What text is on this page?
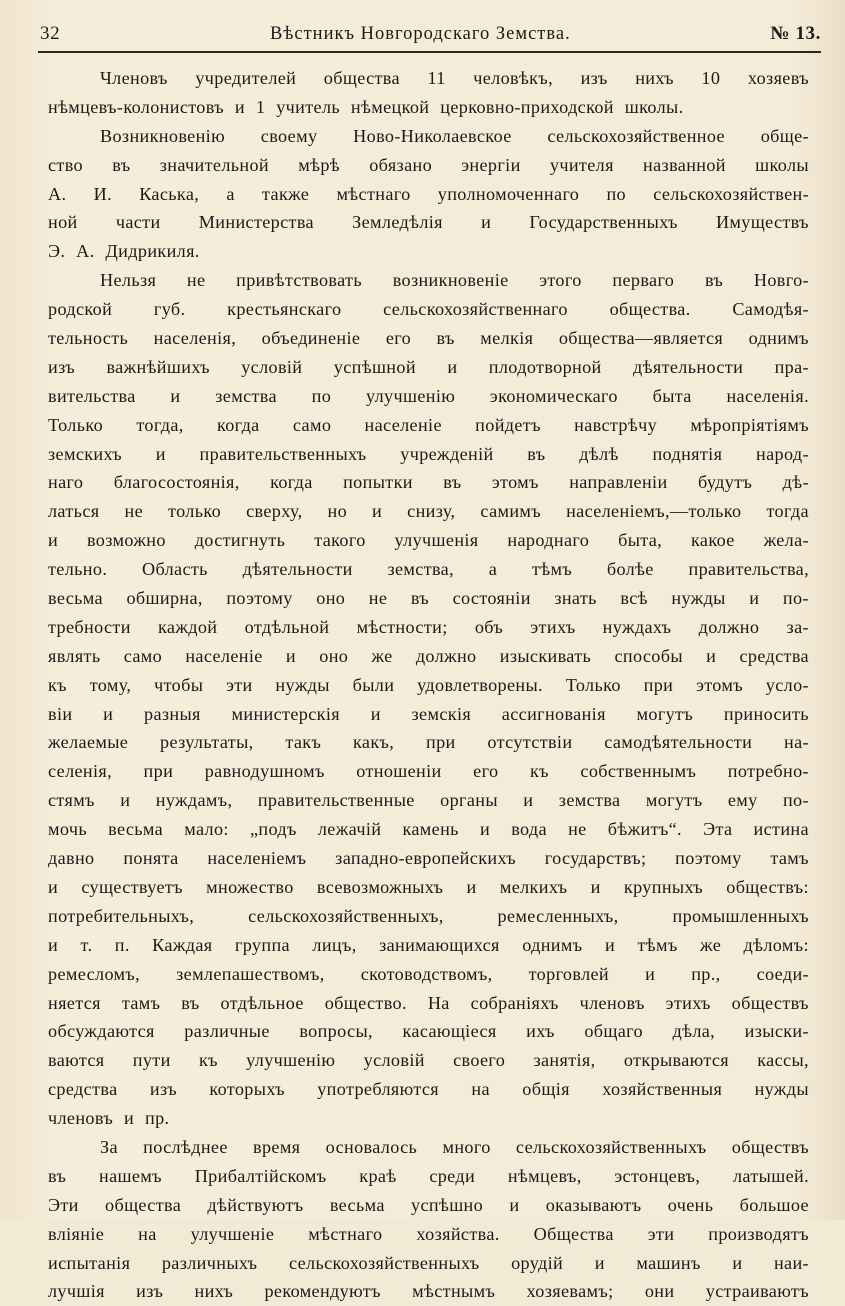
32	Вѣстникъ Новгородскаго Земства.	№ 13.
Членовъ учредителей общества 11 человѣкъ, изъ нихъ 10 хозяевъ
нѣмцевъ-колонистовъ и 1 учитель нѣмецкой церковно-приходской школы.
Возникновенію своему Ново-Николаевское сельскохозяйственное обще-
ство въ значительной мѣрѣ обязано энергіи учителя названной школы
А. И. Каська, а также мѣстнаго уполномоченнаго по сельскохозяйствен-
ной части Министерства Земледѣлія и Государственныхъ Имуществъ
Э. А. Дидрикиля.
Нельзя не привѣтствовать возникновеніе этого перваго въ Новго-
родской губ. крестьянскаго сельскохозяйственнаго общества. Самодѣя-
тельность населенія, объединеніе его въ мелкія общества—является однимъ
изъ важнѣйшихъ условій успѣшной и плодотворной дѣятельности пра-
вительства и земства по улучшенію экономическаго быта населенія.
Только тогда, когда само населеніе пойдетъ навстрѣчу мѣропріятіямъ
земскихъ и правительственныхъ учрежденій въ дѣлѣ поднятія народ-
наго благосостоянія, когда попытки въ этомъ направленіи будутъ дѣ-
латься не только сверху, но и снизу, самимъ населеніемъ,—только тогда
и возможно достигнуть такого улучшенія народнаго быта, какое жела-
тельно. Область дѣятельности земства, а тѣмъ болѣе правительства,
весьма обширна, поэтому оно не въ состояніи знать всѣ нужды и по-
требности каждой отдѣльной мѣстности; объ этихъ нуждахъ должно за-
являть само населеніе и оно же должно изыскивать способы и средства
къ тому, чтобы эти нужды были удовлетворены. Только при этомъ усло-
віи и разныя министерскія и земскія ассигнованія могутъ приносить
желаемые результаты, такъ какъ, при отсутствіи самодѣятельности на-
селенія, при равнодушномъ отношеніи его къ собственнымъ потребно-
стямъ и нуждамъ, правительственные органы и земства могутъ ему по-
мочь весьма мало: „подъ лежачій камень и вода не бѣжитъ“. Эта истина
давно понята населеніемъ западно-европейскихъ государствъ; поэтому тамъ
и существуетъ множество всевозможныхъ и мелкихъ и крупныхъ обществъ:
потребительныхъ,	сельскохозяйственныхъ,	ремесленныхъ,	промышленныхъ
и т. п. Каждая группа лицъ, занимающихся однимъ и тѣмъ же дѣломъ:
ремесломъ, землепашествомъ, скотоводствомъ, торговлей и пр., соеди-
няется тамъ въ отдѣльное общество. На собраніяхъ членовъ этихъ обществъ
обсуждаются различные вопросы, касающіеся ихъ общаго дѣла, изыски-
ваются пути къ улучшенію условій своего занятія, открываются кассы,
средства изъ которыхъ употребляются на общія хозяйственныя нужды
членовъ и пр.
За послѣднее время основалось много сельскохозяйственныхъ обществъ
въ нашемъ Прибалтійскомъ краѣ среди нѣмцевъ, эстонцевъ, латышей.
Эти общества дѣйствуютъ весьма успѣшно и оказываютъ очень большое
вліяніе на улучшеніе мѣстнаго хозяйства. Общества эти производятъ
испытанія различныхъ сельскохозяйственныхъ орудій и машинъ и наи-
лучшія изъ нихъ рекомендуютъ мѣстнымъ хозяевамъ; они устраиваютъ
